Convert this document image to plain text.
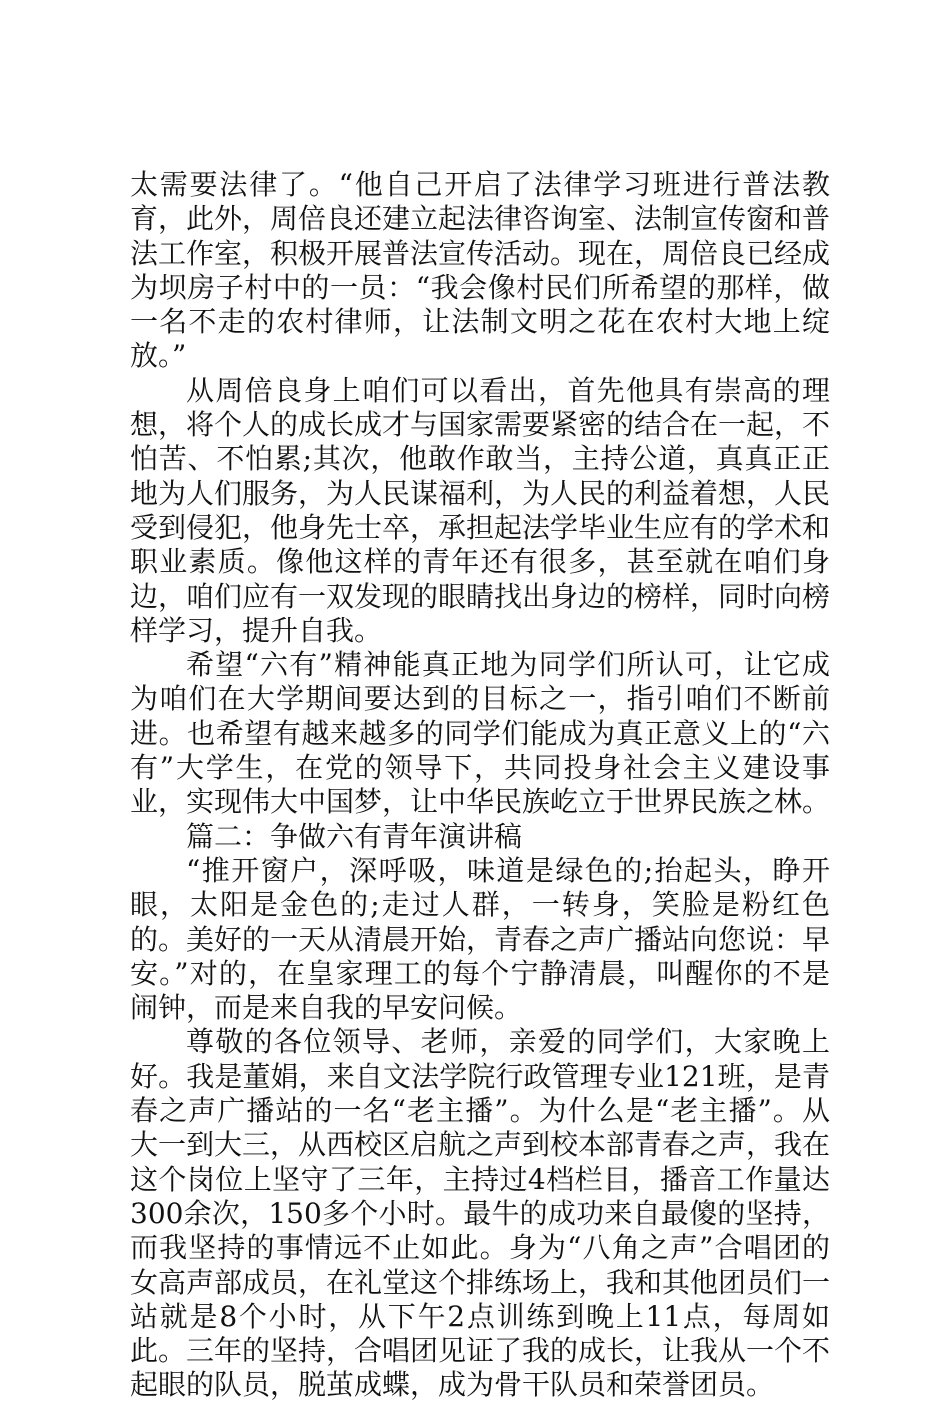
太需要法律了。“他自己开启了法律学习班进行普法教育，此外，周倍良还建立起法律咨询室、法制宣传窗和普法工作室，积极开展普法宣传活动。现在，周倍良已经成为坝房子村中的一员：“我会像村民们所希望的那样，做一名不走的农村律师，让法制文明之花在农村大地上绽放。”

从周倍良身上咱们可以看出，首先他具有崇高的理想，将个人的成长成才与国家需要紧密的结合在一起，不怕苦、不怕累;其次，他敢作敢当，主持公道，真真正正地为人们服务，为人民谋福利，为人民的利益着想，人民受到侵犯，他身先士卒，承担起法学毕业生应有的学术和职业素质。像他这样的青年还有很多，甚至就在咱们身边，咱们应有一双发现的眼睛找出身边的榜样，同时向榜样学习，提升自我。

希望“六有”精神能真正地为同学们所认可，让它成为咱们在大学期间要达到的目标之一，指引咱们不断前进。也希望有越来越多的同学们能成为真正意义上的“六有”大学生，在党的领导下，共同投身社会主义建设事业，实现伟大中国梦，让中华民族屹立于世界民族之林。

篇二：争做六有青年演讲稿

“推开窗户，深呼吸，味道是绿色的;抬起头，睁开眼，太阳是金色的;走过人群，一转身，笑脸是粉红色的。美好的一天从清晨开始，青春之声广播站向您说：早安。”对的，在皇家理工的每个宁静清晨，叫醒你的不是闹钟，而是来自我的早安问候。

尊敬的各位领导、老师，亲爱的同学们，大家晚上好。我是董娟，来自文法学院行政管理专业121班，是青春之声广播站的一名“老主播”。为什么是“老主播”。从大一到大三，从西校区启航之声到校本部青春之声，我在这个岗位上坚守了三年，主持过4档栏目，播音工作量达300余次，150多个小时。最牛的成功来自最傻的坚持，而我坚持的事情远不止如此。身为“八角之声”合唱团的女高声部成员，在礼堂这个排练场上，我和其他团员们一站就是8个小时，从下午2点训练到晚上11点，每周如此。三年的坚持，合唱团见证了我的成长，让我从一个不起眼的队员，脱茧成蝶，成为骨干队员和荣誉团员。
